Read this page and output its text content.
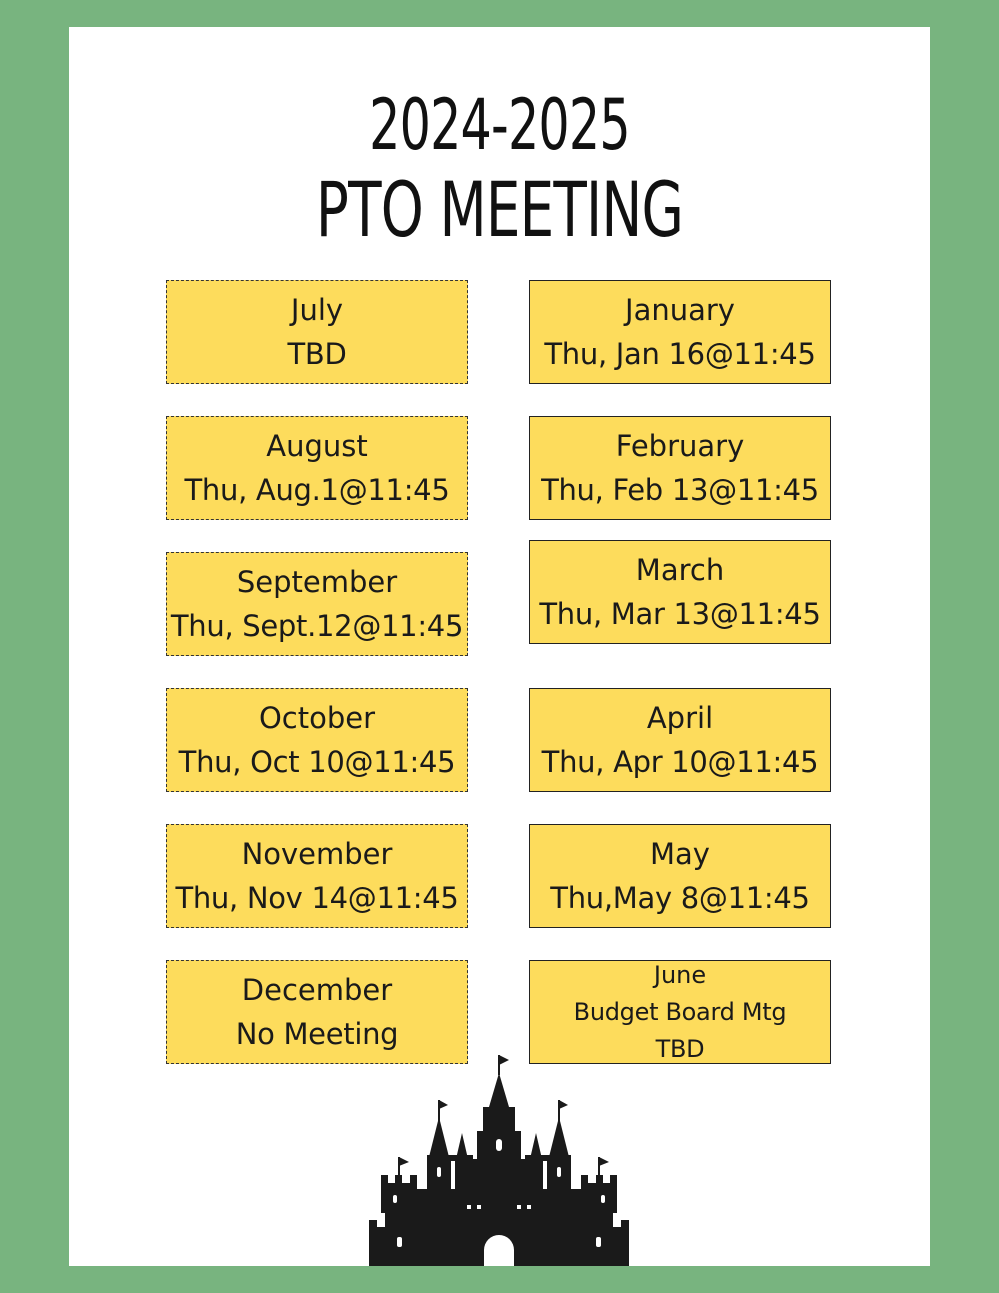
2024-2025
PTO MEETING
July
TBD
August
Thu, Aug.1@11:45
September
Thu, Sept.12@11:45
October
Thu, Oct 10@11:45
November
Thu, Nov 14@11:45
December
No Meeting
January
Thu, Jan 16@11:45
February
Thu, Feb 13@11:45
March
Thu, Mar 13@11:45
April
Thu, Apr 10@11:45
May
Thu,May 8@11:45
June
Budget Board Mtg
TBD
